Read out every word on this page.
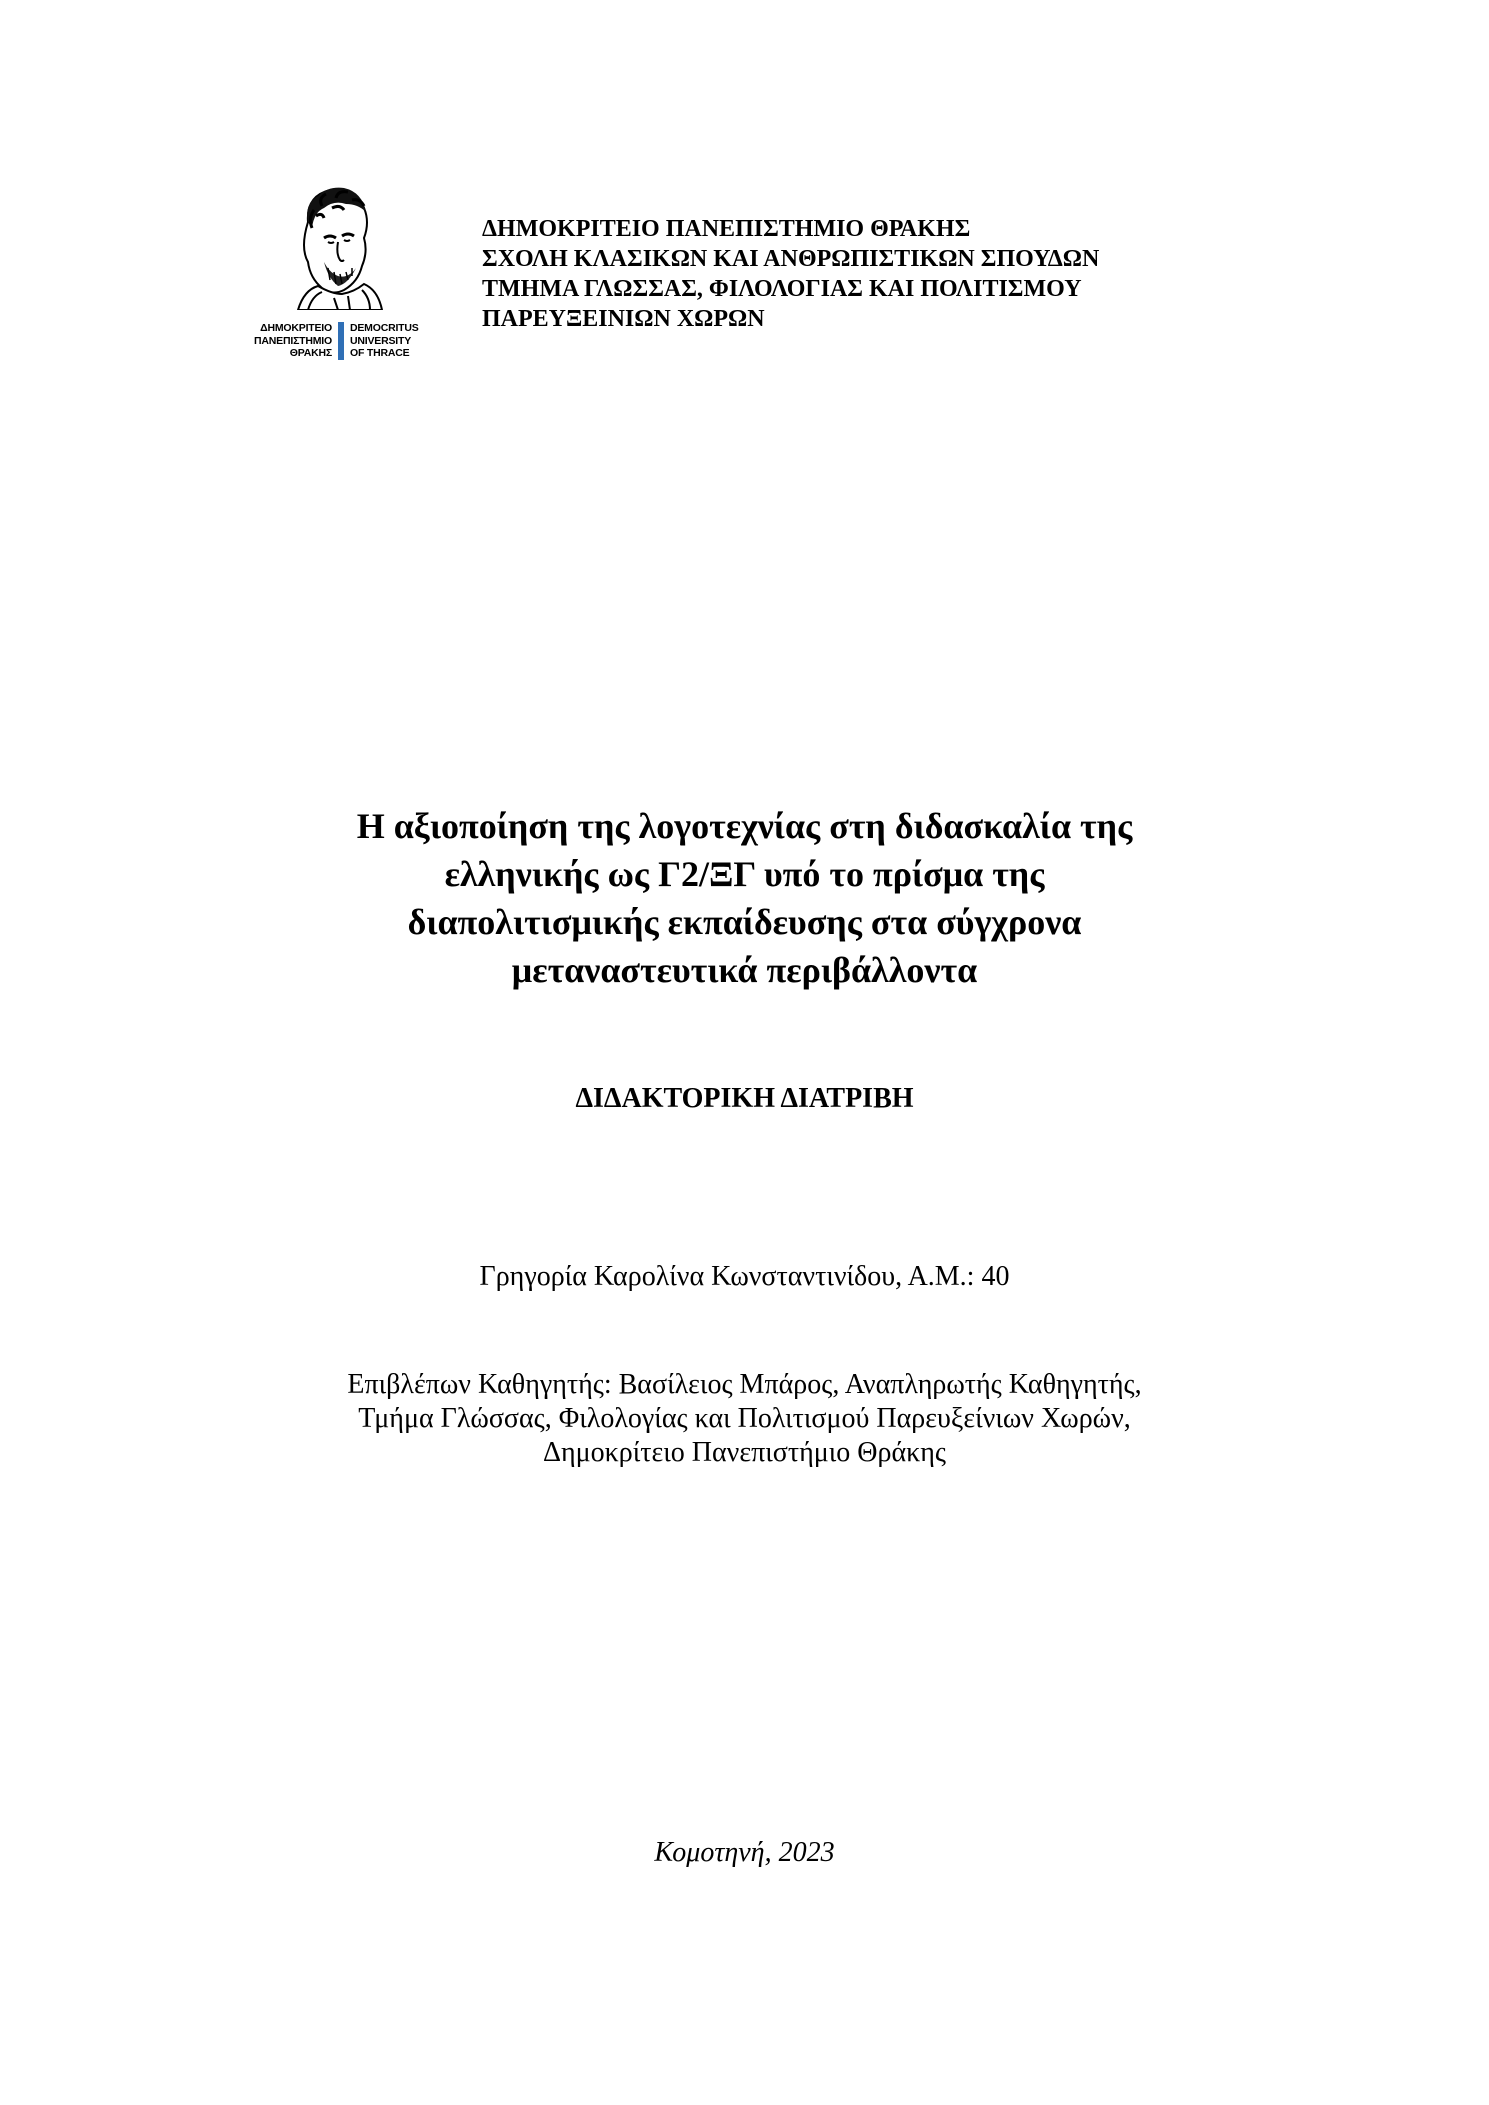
ΔΗΜΟΚΡΙΤΕΙΟ
ΠΑΝΕΠΙΣΤΗΜΙΟ
ΘΡΑΚΗΣ
DEMOCRITUS
UNIVERSITY
OF THRACE
ΔΗΜΟΚΡΙΤΕΙΟ ΠΑΝΕΠΙΣΤΗΜΙΟ ΘΡΑΚΗΣ
ΣΧΟΛΗ ΚΛΑΣΙΚΩΝ ΚΑΙ ΑΝΘΡΩΠΙΣΤΙΚΩΝ ΣΠΟΥΔΩΝ
ΤΜΗΜΑ ΓΛΩΣΣΑΣ, ΦΙΛΟΛΟΓΙΑΣ ΚΑΙ ΠΟΛΙΤΙΣΜΟΥ
ΠΑΡΕΥΞΕΙΝΙΩΝ ΧΩΡΩΝ
Η αξιοποίηση της λογοτεχνίας στη διδασκαλία της
ελληνικής ως Γ2/ΞΓ υπό το πρίσμα της
διαπολιτισμικής εκπαίδευσης στα σύγχρονα
μεταναστευτικά περιβάλλοντα
ΔΙΔΑΚΤΟΡΙΚΗ ΔΙΑΤΡΙΒΗ
Γρηγορία Καρολίνα Κωνσταντινίδου, Α.Μ.: 40
Επιβλέπων Καθηγητής: Βασίλειος Μπάρος, Αναπληρωτής Καθηγητής,
Τμήμα Γλώσσας, Φιλολογίας και Πολιτισμού Παρευξείνιων Χωρών,
Δημοκρίτειο Πανεπιστήμιο Θράκης
Κομοτηνή, 2023
